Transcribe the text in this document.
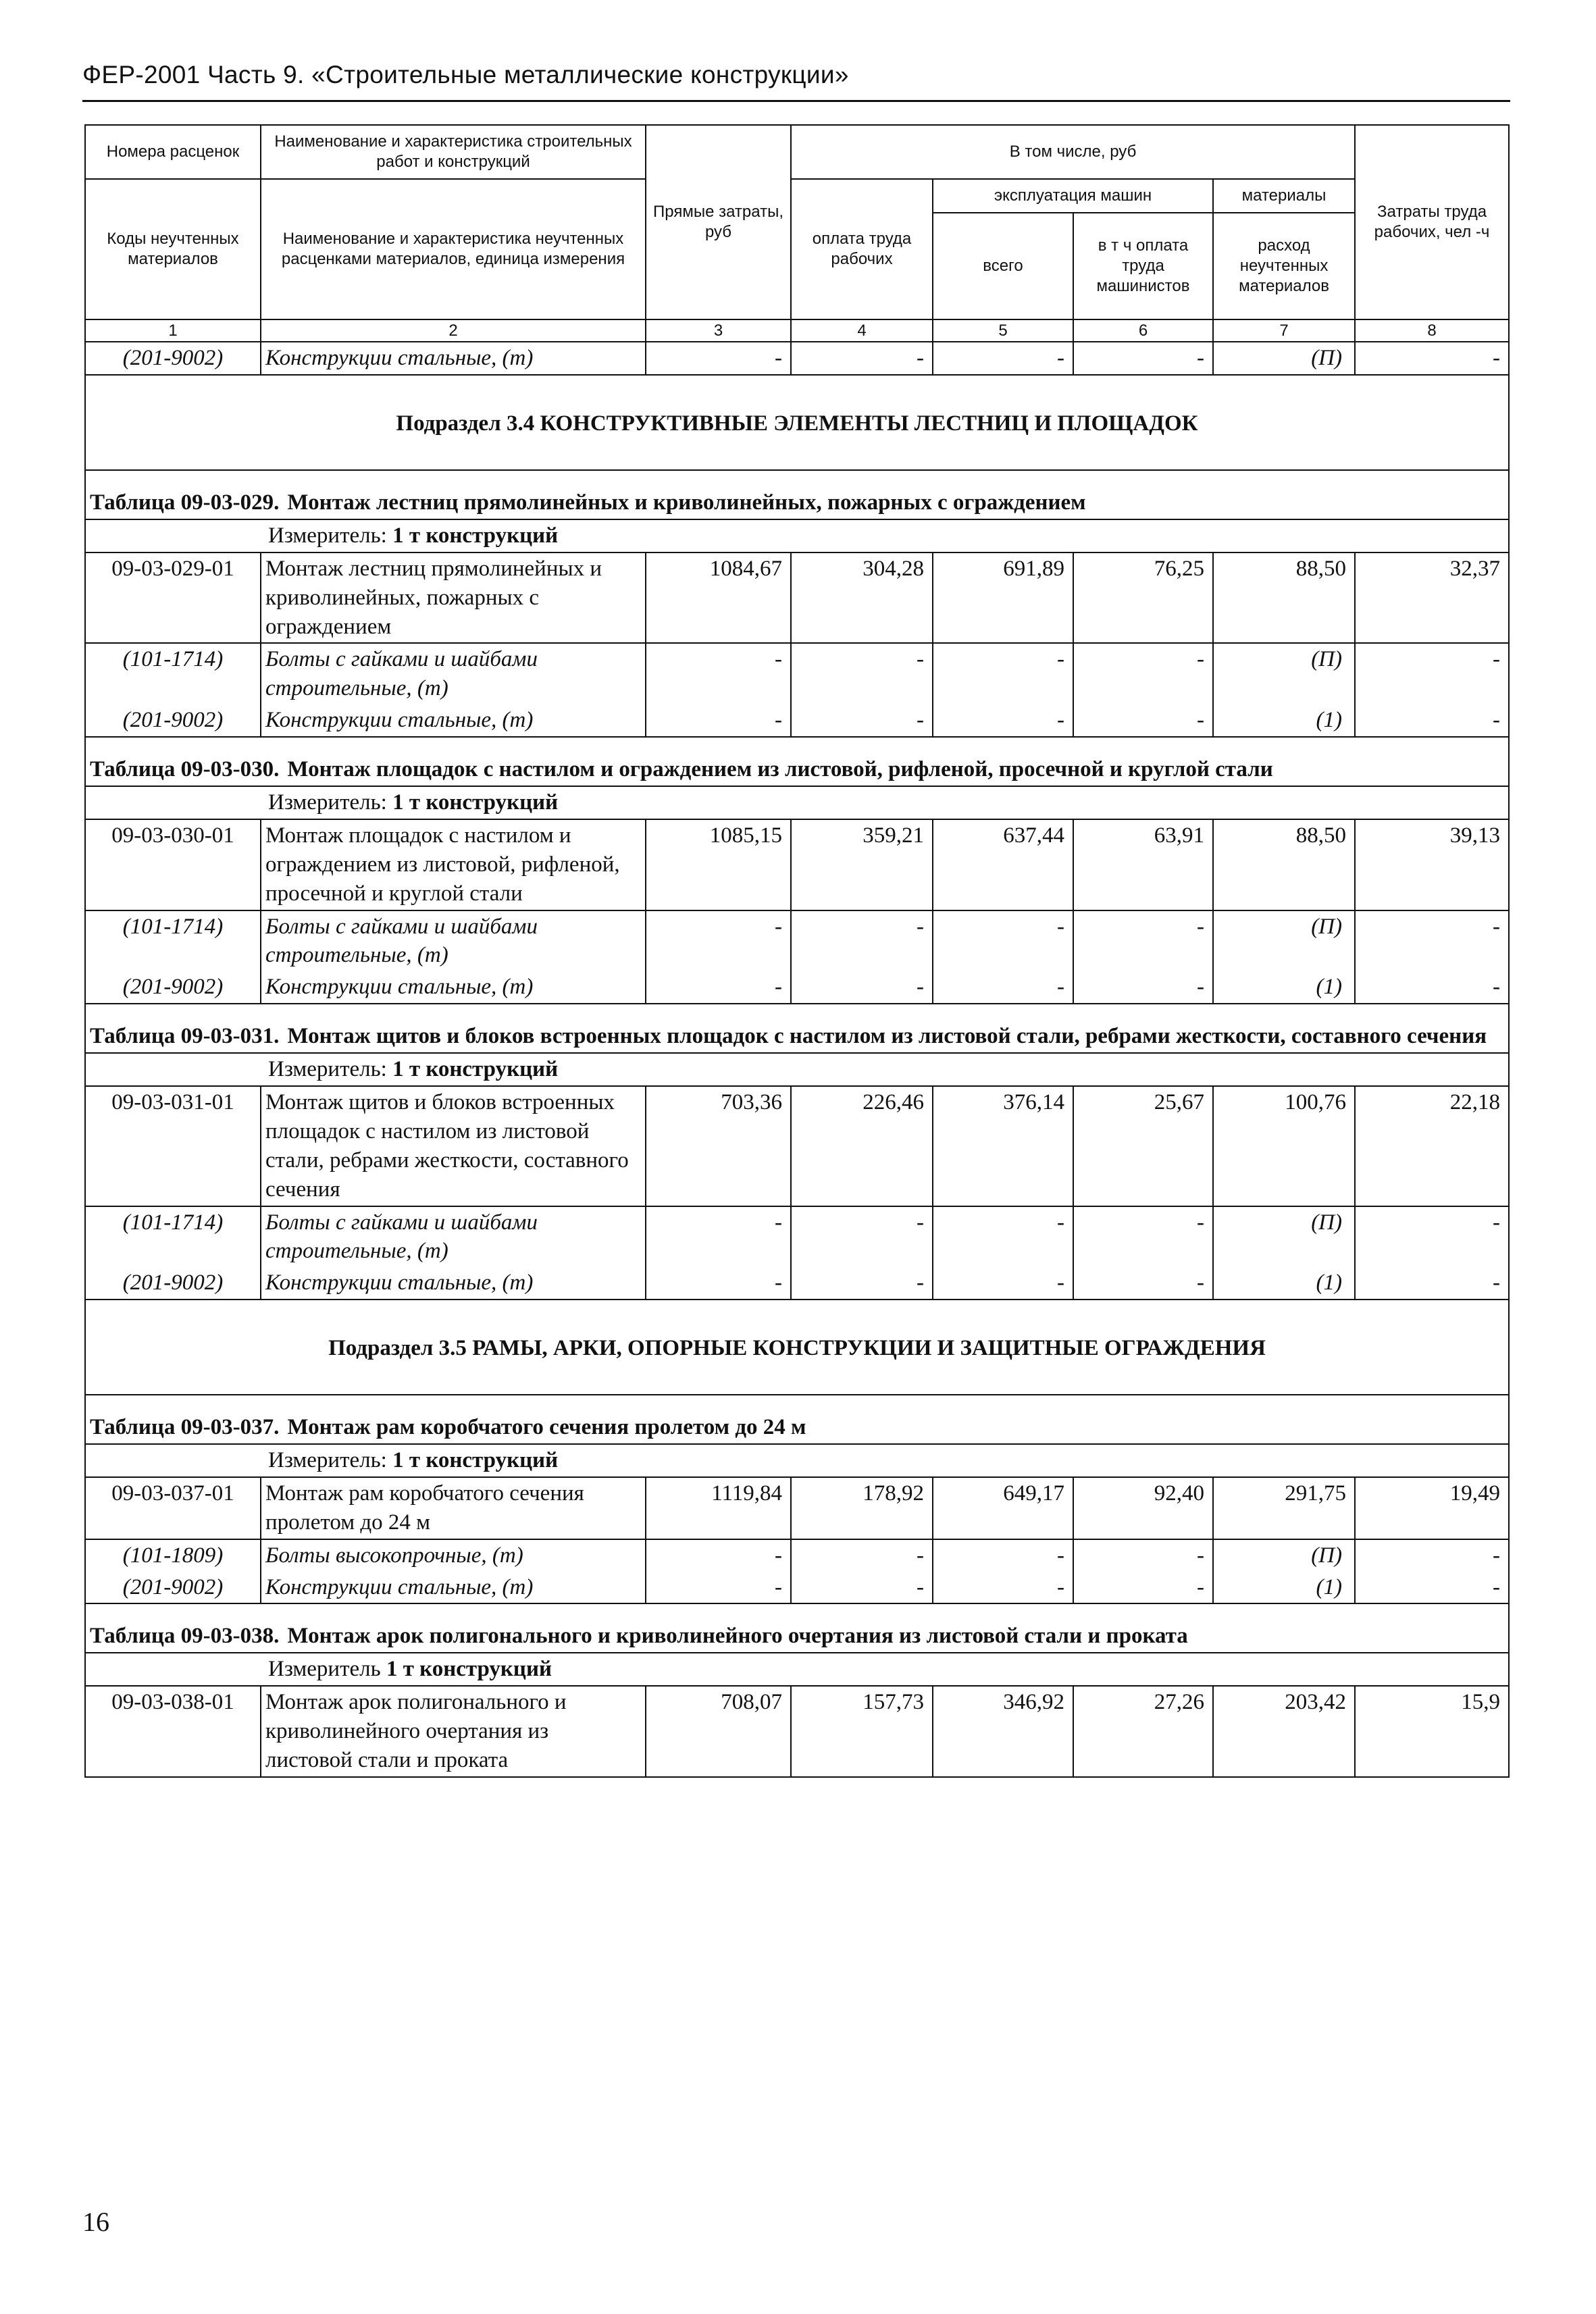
ФЕР-2001 Часть 9. «Строительные металлические конструкции»
Номера расценок	Наименование и характеристика строительных работ и конструкций	Прямые затраты, руб	В том числе, руб				Затраты труда рабочих, чел -ч
Коды неучтенных материалов	Наименование и характеристика неучтенных расценками материалов, единица измерения		оплата труда рабочих	эксплуатация машин		материалы	
				всего	в т ч оплата труда машинистов	расход неучтенных материалов	
1	2	3	4	5	6	7	8
(201-9002)	Конструкции стальные, (т)	-	-	-	-	(П)	-

Подраздел 3.4 КОНСТРУКТИВНЫЕ ЭЛЕМЕНТЫ ЛЕСТНИЦ И ПЛОЩАДОК							

Таблица 09-03-029. Монтаж лестниц прямолинейных и криволинейных, пожарных с ограждением							

Измеритель: 1 т конструкций							

09-03-029-01	Монтаж лестниц прямолинейных и криволинейных, пожарных с ограждением	1084,67	304,28	691,89	76,25	88,50	32,37
(101-1714)	Болты с гайками и шайбами строительные, (т)	-	-	-	-	(П)	-
(201-9002)	Конструкции стальные, (т)	-	-	-	-	(1)	-

Таблица 09-03-030. Монтаж площадок с настилом и ограждением из листовой, рифленой, просечной и круглой стали							

Измеритель: 1 т конструкций							

09-03-030-01	Монтаж площадок с настилом и ограждением из листовой, рифленой, просечной и круглой стали	1085,15	359,21	637,44	63,91	88,50	39,13
(101-1714)	Болты с гайками и шайбами строительные, (т)	-	-	-	-	(П)	-
(201-9002)	Конструкции стальные, (т)	-	-	-	-	(1)	-

Таблица 09-03-031. Монтаж щитов и блоков встроенных площадок с настилом из листовой стали, ребрами жесткости, составного сечения							

Измеритель: 1 т конструкций							

09-03-031-01	Монтаж щитов и блоков встроенных площадок с настилом из листовой стали, ребрами жесткости, составного сечения	703,36	226,46	376,14	25,67	100,76	22,18
(101-1714)	Болты с гайками и шайбами строительные, (т)	-	-	-	-	(П)	-
(201-9002)	Конструкции стальные, (т)	-	-	-	-	(1)	-

Подраздел 3.5 РАМЫ, АРКИ, ОПОРНЫЕ КОНСТРУКЦИИ И ЗАЩИТНЫЕ ОГРАЖДЕНИЯ							

Таблица 09-03-037. Монтаж рам коробчатого сечения пролетом до 24 м							

Измеритель: 1 т конструкций							

09-03-037-01	Монтаж рам коробчатого сечения пролетом до 24 м	1119,84	178,92	649,17	92,40	291,75	19,49
(101-1809)	Болты высокопрочные, (т)	-	-	-	-	(П)	-
(201-9002)	Конструкции стальные, (т)	-	-	-	-	(1)	-

Таблица 09-03-038. Монтаж арок полигонального и криволинейного очертания из листовой стали и проката							

Измеритель 1 т конструкций							

09-03-038-01	Монтаж арок полигонального и криволинейного очертания из листовой стали и проката	708,07	157,73	346,92	27,26	203,42	15,9
16
